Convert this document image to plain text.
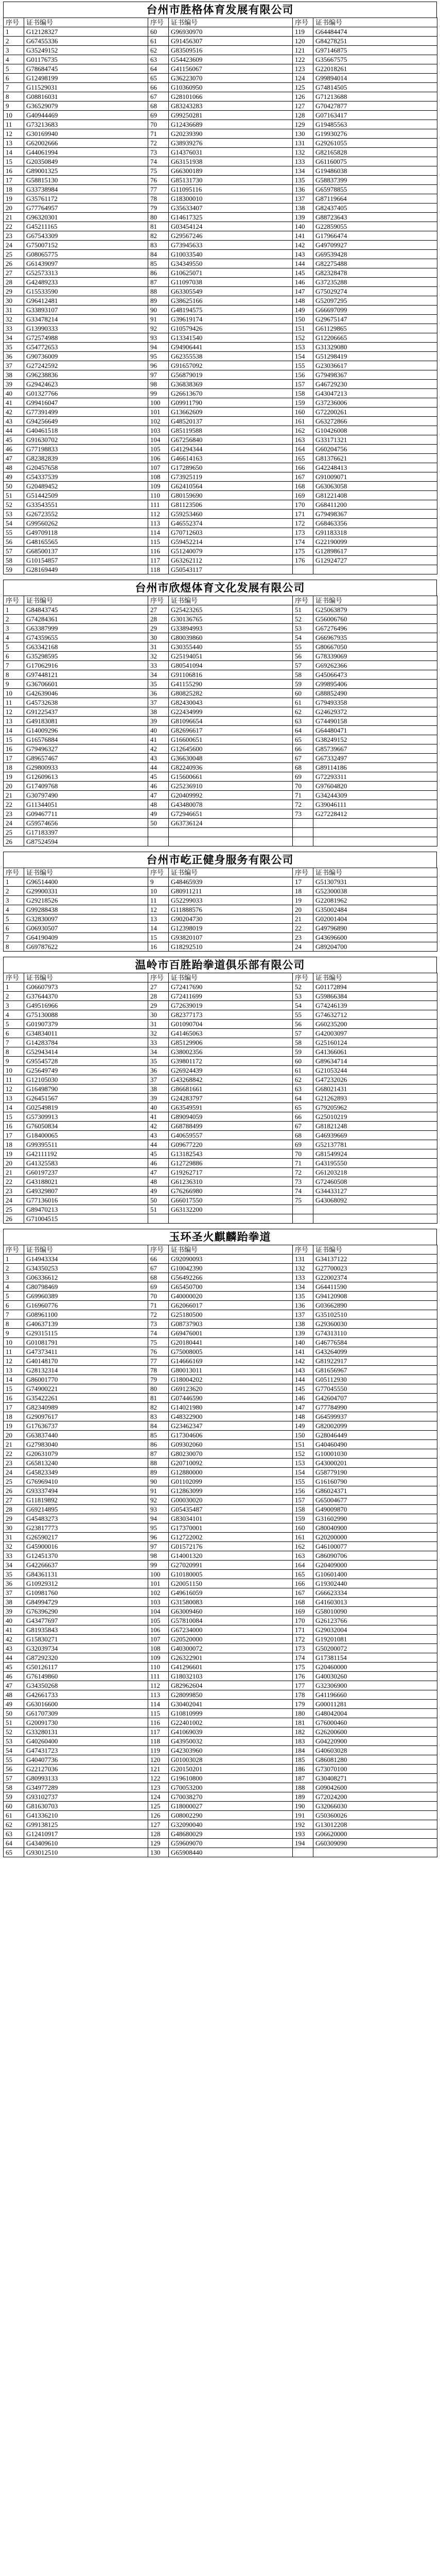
台州市胜格体育发展有限公司
序号	证书编号	序号	证书编号	序号	证书编号
1	G12128327	60	G96930970	119	G64484474
2	G67455336	61	G91456307	120	G84278251
3	G35249152	62	G83509516	121	G97146875
4	G01176735	63	G54423609	122	G35667575
5	G78684745	64	G41156067	123	G22018261
6	G12498199	65	G36223070	124	G99894014
7	G11529031	66	G10360950	125	G74814505
8	G08816031	67	G28101066	126	G71213688
9	G36529079	68	G83243283	127	G70427877
10	G40944469	69	G99250281	128	G07163417
11	G73213683	70	G12436689	129	G19485563
12	G30169940	71	G20239390	130	G19930276
13	G62002666	72	G38939276	131	G29261055
14	G44061994	73	G14376031	132	G82165828
15	G20350849	74	G63151938	133	G61160075
16	G89001325	75	G66300189	134	G19486038
17	G58815130	76	G85131730	135	G58837399
18	G33738984	77	G11095116	136	G65978855
19	G35761172	78	G18300010	137	G87119664
20	G77764957	79	G35633407	138	G82437405
21	G96320301	80	G14617325	139	G88723643
22	G45211165	81	G03454124	140	G22859055
23	G67543309	82	G29567246	141	G17966474
24	G75007152	83	G73945633	142	G49709927
25	G08065775	84	G10033540	143	G69539428
26	G61439097	85	G34349550	144	G82275488
27	G52573313	86	G10625071	145	G82328478
28	G42489233	87	G11097038	146	G37235288
29	G15533590	88	G63305549	147	G75029274
30	G96412481	89	G38625166	148	G52097295
31	G33893107	90	G48194575	149	G66697099
32	G33478214	91	G39619174	150	G29675147
33	G13990333	92	G10579426	151	G61129865
34	G72574988	93	G13341540	152	G12206665
35	G54772653	94	G94906441	153	G31329080
36	G90736009	95	G62355538	154	G51298419
37	G27242592	96	G91657092	155	G23036617
38	G96238836	97	G56879019	156	G79498367
39	G29424623	98	G36838369	157	G46729230
40	G01327766	99	G26613670	158	G43047213
41	G99416047	100	G09911790	159	G37236006
42	G77391499	101	G13662609	160	G72200261
43	G94256649	102	G48520137	161	G63272866
44	G40461518	103	G85119588	162	G10426008
45	G91630702	104	G67256840	163	G33171321
46	G77198833	105	G41294344	164	G60204756
47	G82382839	106	G46614163	165	G81376621
48	G20457658	107	G17289650	166	G42248413
49	G54337539	108	G73925119	167	G91009071
50	G20489452	109	G62410564	168	G63063058
51	G51442509	110	G80159690	169	G81221408
52	G33543551	111	G81123506	170	G68411200
53	G26723552	112	G59253460	171	G79498367
54	G99560262	113	G46552374	172	G68463356
55	G49709118	114	G70712603	173	G91183318
56	G48165565	115	G59452214	174	G22190099
57	G68500137	116	G51240079	175	G12898617
58	G10154857	117	G63262112	176	G12924727
59	G28169449	118	G50543117		
台州市欣煜体育文化发展有限公司
序号	证书编号	序号	证书编号	序号	证书编号
1	G84843745	27	G25423265	51	G25063879
2	G74284361	28	G30136765	52	G56006760
3	G63387999	29	G33894993	53	G67276496
4	G74359655	30	G80039860	54	G66967935
5	G63342168	31	G30355440	55	G80667050
6	G35298595	32	G25194051	56	G78339069
7	G17062916	33	G80541094	57	G69262366
8	G97448121	34	G91106816	58	G45066473
9	G36706601	35	G41155290	59	G99895406
10	G42639046	36	G80825282	60	G88852490
11	G45732638	37	G82430043	61	G79493358
12	G91225437	38	G22434999	62	G24629372
13	G49183081	39	G81096654	63	G74490158
14	G14009296	40	G82696617	64	G64480471
15	G16576884	41	G16600651	65	G38249152
16	G79496327	42	G12645600	66	G85739667
17	G89657467	43	G36630048	67	G67332497
18	G29800933	44	G82240936	68	G89114186
19	G12609613	45	G15600661	69	G72293311
20	G17409768	46	G25236910	70	G97604820
21	G30797490	47	G20409992	71	G34244309
22	G11344051	48	G43480078	72	G39046111
23	G09467711	49	G72946651	73	G27228412
24	G59574656	50	G63736124		
25	G17183397				
26	G87524594				
台州市屹正健身服务有限公司
序号	证书编号	序号	证书编号	序号	证书编号
1	G96514400	9	G48465939	17	G51307931
2	G29900331	10	G80911211	18	G52300038
3	G29218526	11	G52299033	19	G22081962
4	G99288438	12	G11888576	20	G35002484
5	G32830097	13	G90204730	21	G02001404
6	G06930507	14	G12398019	22	G49796890
7	G64190409	15	G93820107	23	G43696600
8	G69787622	16	G18292510	24	G89204700
温岭市百胜跆拳道俱乐部有限公司
序号	证书编号	序号	证书编号	序号	证书编号
1	G06607973	27	G72417690	52	G01172894
2	G37644370	28	G72411699	53	G59866384
3	G49516966	29	G72639019	54	G74246139
4	G75130088	30	G82377173	55	G74632712
5	G01907379	31	G01090704	56	G60235200
6	G34834011	32	G41465063	57	G42003097
7	G14283784	33	G85129906	58	G25160124
8	G52943414	34	G38002356	59	G41366061
9	G95545728	35	G39801172	60	G89634714
10	G25649749	36	G26924439	61	G21053244
11	G12105030	37	G43268842	62	G47232026
12	G16498790	38	G86681661	63	G68021431
13	G26451567	39	G24283797	64	G21262893
14	G02549819	40	G63549591	65	G79205962
15	G57309913	41	G89094059	66	G25010219
16	G76050834	42	G68788499	67	G81821248
17	G18400065	43	G40659557	68	G46939669
18	G99395511	44	G09677220	69	G52137781
19	G42111192	45	G13182543	70	G81549924
20	G41325583	46	G12729886	71	G43195550
21	G60197237	47	G19262717	72	G61203218
22	G43188021	48	G61236310	73	G72460508
23	G49329807	49	G76266980	74	G34433127
24	G77136016	50	G66017550	75	G43068092
25	G89470213	51	G63132200		
26	G71004515				
玉环圣火麒麟跆拳道
序号	证书编号	序号	证书编号	序号	证书编号
1	G14943334	66	G92090093	131	G34137122
2	G34350253	67	G10042390	132	G27700023
3	G06336612	68	G56492266	133	G22002374
4	G80798469	69	G65450700	134	G64411590
5	G69960389	70	G40000020	135	G94120908
6	G16960776	71	G62066017	136	G03662890
7	G08961100	72	G25180500	137	G35102510
8	G40637139	73	G08737903	138	G29360030
9	G29315115	74	G69476001	139	G74313110
10	G01081791	75	G20180441	140	G46776584
11	G47373411	76	G75008005	141	G43264099
12	G40148170	77	G14666169	142	G81922917
13	G28132314	78	G80013011	143	G81656967
14	G86001770	79	G18004202	144	G05112930
15	G74900221	80	G69123620	145	G77045550
16	G35422261	81	G07446590	146	G42604707
17	G82340989	82	G14021980	147	G77784990
18	G29097617	83	G48322900	148	G64599937
19	G17636737	84	G23462347	149	G82002099
20	G63837440	85	G17304606	150	G28046449
21	G27983040	86	G09302060	151	G40460490
22	G20631079	87	G80230070	152	G10001030
23	G65813240	88	G20710092	153	G43000201
24	G45823349	89	G12880000	154	G58779190
25	G76969410	90	G01102099	155	G16160790
26	G93337494	91	G12863099	156	G86024371
27	G11819892	92	G00030020	157	G65004677
28	G69214895	93	G05435487	158	G49009870
29	G45483273	94	G83034101	159	G31602990
30	G23817773	95	G17370001	160	G80040900
31	G26590217	96	G12722002	161	G20200000
32	G45900016	97	G01572176	162	G46100077
33	G12451370	98	G14001320	163	G86090706
34	G42266637	99	G27020991	164	G20409000
35	G84361131	100	G10180005	165	G10601400
36	G10929312	101	G20051150	166	G19302440
37	G10981760	102	G49616059	167	G66623334
38	G84994729	103	G31580083	168	G41603013
39	G76396290	104	G63009460	169	G58010090
40	G43477697	105	G57810084	170	G26123766
41	G81935843	106	G67234000	171	G29032004
42	G15830271	107	G20520000	172	G19201081
43	G32039734	108	G40300072	173	G50200072
44	G87292320	109	G26322901	174	G17381154
45	G50126117	110	G41296601	175	G20460000
46	G76149860	111	G18032103	176	G40030260
47	G34350268	112	G82962604	177	G32306900
48	G42661733	113	G28099850	178	G41196660
49	G63016600	114	G30402041	179	G00011281
50	G61707309	115	G10810999	180	G48042004
51	G20091730	116	G22401002	181	G76000460
52	G33280131	117	G41069039	182	G26200600
53	G40260400	118	G43950032	183	G04220900
54	G47431723	119	G42303960	184	G40603028
55	G40407736	120	G01003028	185	G86081280
56	G22127036	121	G20150201	186	G73070100
57	G80993133	122	G19610800	187	G30408271
58	G34977289	123	G70053200	188	G09042600
59	G93102737	124	G70038270	189	G72024200
60	G81630703	125	G18000027	190	G32066030
61	G41336210	126	G08002290	191	G50360026
62	G99138125	127	G32090040	192	G13012208
63	G12410917	128	G48680029	193	G06620000
64	G43409610	129	G59609070	194	G60309090
65	G93012510	130	G65908440		
